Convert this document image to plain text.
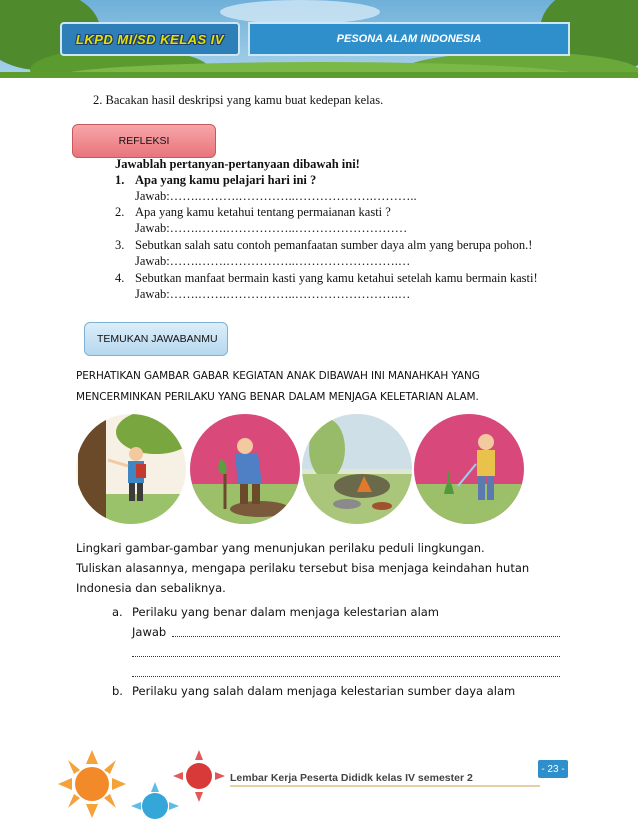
LKPD MI/SD KELAS IV	PESONA ALAM INDONESIA
2. Bacakan hasil deskripsi yang kamu buat kedepan kelas.
REFLEKSI
Jawablah pertanyan-pertanyaan dibawah ini!
1. Apa yang kamu pelajari hari ini ?
Jawab:…….……….…………..……………….………..
2. Apa yang kamu ketahui tentang permaianan kasti ?
Jawab:…….…….……………..………………………
3. Sebutkan salah satu contoh pemanfaatan sumber daya alm yang berupa pohon.!
Jawab:…….…….……………..…………………….…
4. Sebutkan manfaat bermain kasti yang kamu ketahui setelah kamu bermain kasti!
Jawab:…….…….……………..…………………….…
TEMUKAN JAWABANMU
PERHATIKAN GAMBAR GABAR KEGIATAN ANAK DIBAWAH INI MANAHKAH YANG
MENCERMINKAN PERILAKU YANG BENAR DALAM MENJAGA KELETARIAN ALAM.
Lingkari gambar-gambar yang menunjukan perilaku peduli lingkungan.
Tuliskan alasannya, mengapa perilaku tersebut bisa menjaga keindahan hutan
Indonesia dan sebaliknya.
a. Perilaku yang benar dalam menjaga kelestarian alam
Jawab
b. Perilaku yang salah dalam menjaga kelestarian sumber daya alam
Lembar Kerja Peserta Dididk kelas IV semester 2
- 23 -
